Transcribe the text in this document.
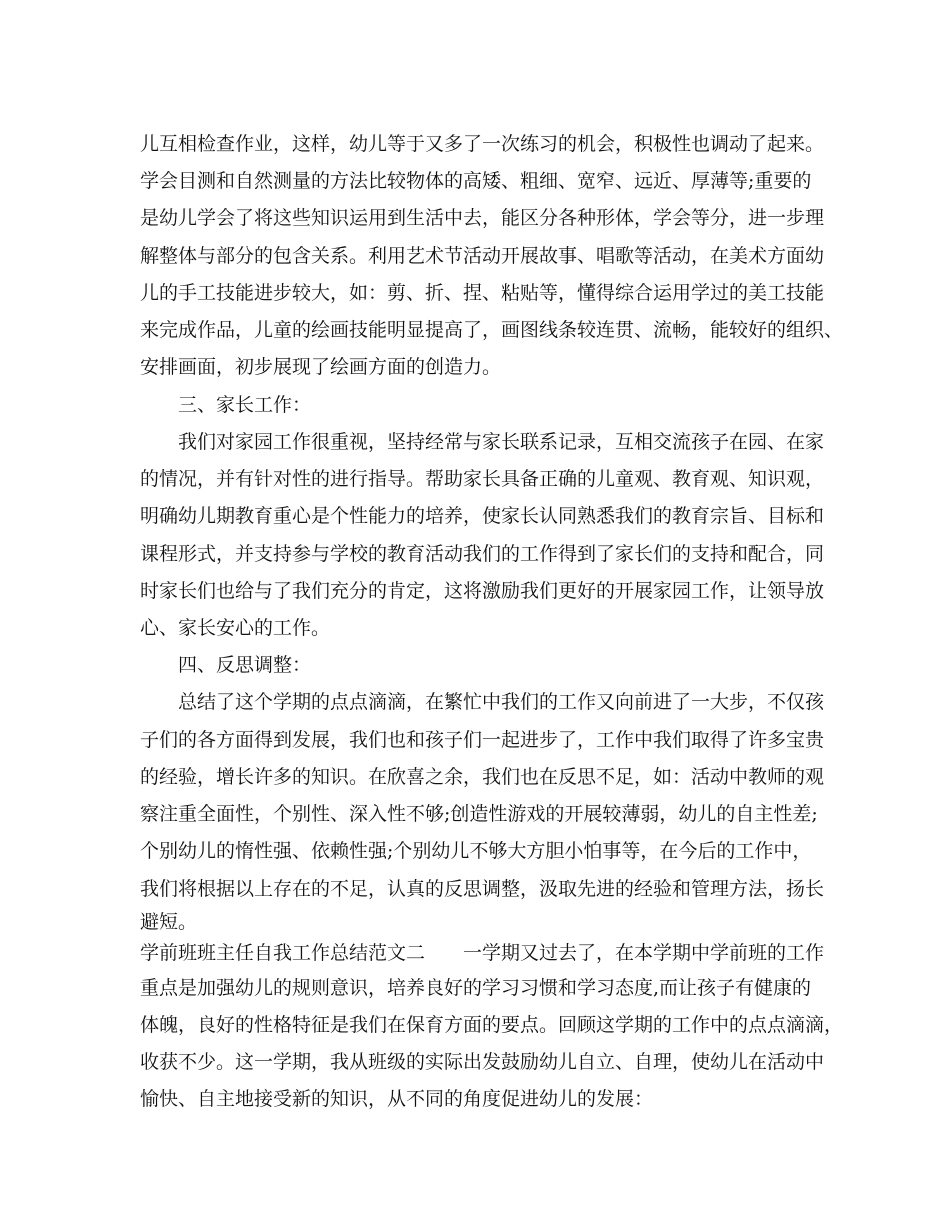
儿互相检查作业，这样，幼儿等于又多了一次练习的机会，积极性也调动了起来。
学会目测和自然测量的方法比较物体的高矮、粗细、宽窄、远近、厚薄等;重要的
是幼儿学会了将这些知识运用到生活中去，能区分各种形体，学会等分，进一步理
解整体与部分的包含关系。利用艺术节活动开展故事、唱歌等活动，在美术方面幼
儿的手工技能进步较大，如：剪、折、捏、粘贴等，懂得综合运用学过的美工技能
来完成作品，儿童的绘画技能明显提高了，画图线条较连贯、流畅，能较好的组织、
安排画面，初步展现了绘画方面的创造力。
三、家长工作：
我们对家园工作很重视，坚持经常与家长联系记录，互相交流孩子在园、在家
的情况，并有针对性的进行指导。帮助家长具备正确的儿童观、教育观、知识观，
明确幼儿期教育重心是个性能力的培养，使家长认同熟悉我们的教育宗旨、目标和
课程形式，并支持参与学校的教育活动我们的工作得到了家长们的支持和配合，同
时家长们也给与了我们充分的肯定，这将激励我们更好的开展家园工作，让领导放
心、家长安心的工作。
四、反思调整：
总结了这个学期的点点滴滴，在繁忙中我们的工作又向前进了一大步，不仅孩
子们的各方面得到发展，我们也和孩子们一起进步了，工作中我们取得了许多宝贵
的经验，增长许多的知识。在欣喜之余，我们也在反思不足，如：活动中教师的观
察注重全面性，个别性、深入性不够;创造性游戏的开展较薄弱，幼儿的自主性差;
个别幼儿的惰性强、依赖性强;个别幼儿不够大方胆小怕事等，在今后的工作中，
我们将根据以上存在的不足，认真的反思调整，汲取先进的经验和管理方法，扬长
避短。
学前班班主任自我工作总结范文二　　一学期又过去了，在本学期中学前班的工作
重点是加强幼儿的规则意识，培养良好的学习习惯和学习态度,而让孩子有健康的
体魄，良好的性格特征是我们在保育方面的要点。回顾这学期的工作中的点点滴滴，
收获不少。这一学期，我从班级的实际出发鼓励幼儿自立、自理，使幼儿在活动中
愉快、自主地接受新的知识，从不同的角度促进幼儿的发展：
